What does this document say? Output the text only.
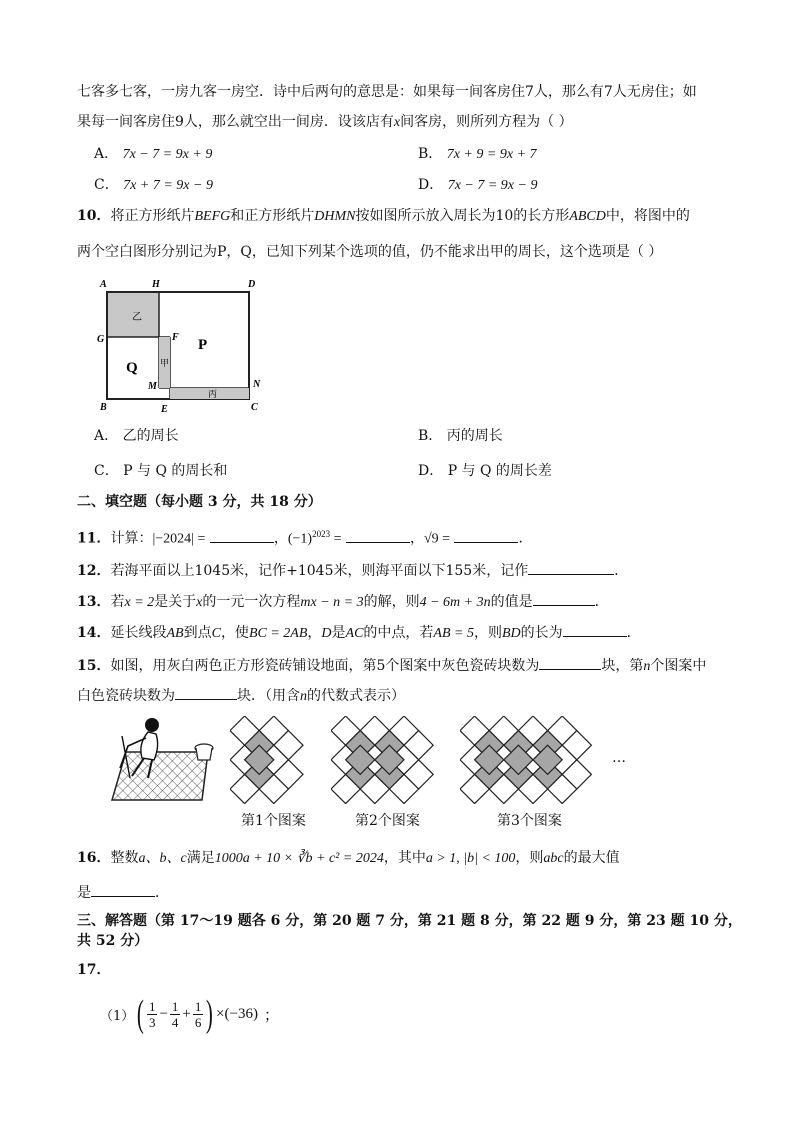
七客多七客，一房九客一房空．诗中后两句的意思是：如果每一间客房住7人，那么有7人无房住；如
果每一间客房住9人，那么就空出一间房．设该店有x间客房，则所列方程为（ ）
A． 7x − 7 = 9x + 9	B． 7x + 9 = 9x + 7
C． 7x + 7 = 9x − 9	D． 7x − 7 = 9x − 9
10．将正方形纸片BEFG和正方形纸片DHMN按如图所示放入周长为10的长方形ABCD中，将图中的
两个空白图形分别记为P，Q，已知下列某个选项的值，仍不能求出甲的周长，这个选项是（ ）
乙
甲
丙
P
Q
A	H	D
G	F
M	N
B	E	C
A． 乙的周长	B． 丙的周长
C． P 与 Q 的周长和	D． P 与 Q 的周长差
二、填空题（每小题 3 分，共 18 分）
11．计算：|−2024| =	，$(-1)^{2023}$ =	，√9 =	．
12．若海平面以上1045米，记作+1045米，则海平面以下155米，记作	．
13．若x = 2是关于x的一元一次方程mx − n = 3的解，则4 − 6m + 3n的值是	．
14．延长线段AB到点C，使BC = 2AB，D是AC的中点，若AB = 5，则BD的长为	．
15．如图，用灰白两色正方形瓷砖铺设地面，第5个图案中灰色瓷砖块数为	块，第n个图案中
白色瓷砖块数为	块．（用含n的代数式表示）
…
第1个图案	第2个图案	第3个图案
16．整数a、b、c满足1000a + 10 × ∛b + c² = 2024，其中a > 1, |b| < 100，则abc的最大值
是	．
三、解答题（第 17～19 题各 6 分，第 20 题 7 分，第 21 题 8 分，第 22 题 9 分，第 23 题 10 分，
共 52 分）
17．
（1） ( $\frac{1}{3} - \frac{1}{4} + \frac{1}{6}$ ) ×(−36) ；
